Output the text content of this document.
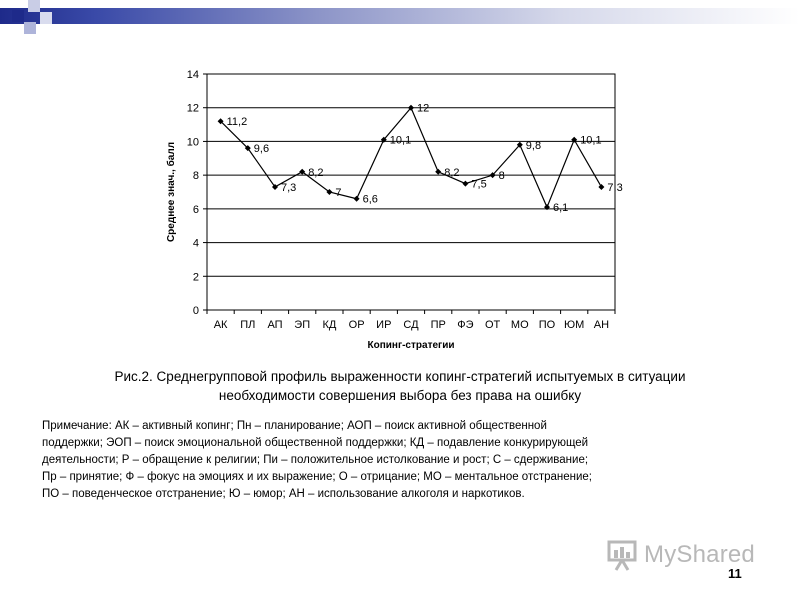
0
2
4
6
8
10
12
14
АК ПЛ АП ЭП КД ОР ИР СД ПР ФЭ ОТ МО ПО ЮМ АН
Копинг-стратегии
Среднее знач., балл
11,2
9,6
7,3
8,2
7
6,6
10,1
12
8,2
7,5
8
9,8
6,1
10,1
7,3
Рис.2. Среднегрупповой профиль выраженности копинг-стратегий испытуемых в ситуации
необходимости совершения выбора без права на ошибку
Примечание: АК – активный копинг; Пн – планирование; АОП – поиск активной общественной
поддержки; ЭОП – поиск эмоциональной общественной поддержки; КД – подавление конкурирующей
деятельности; Р – обращение к религии; Пи – положительное истолкование и рост; С – сдерживание;
Пр – принятие; Ф – фокус на эмоциях и их выражение; О – отрицание; МО – ментальное отстранение;
ПО – поведенческое отстранение; Ю – юмор; АН – использование алкоголя и наркотиков.
MyShared
11
